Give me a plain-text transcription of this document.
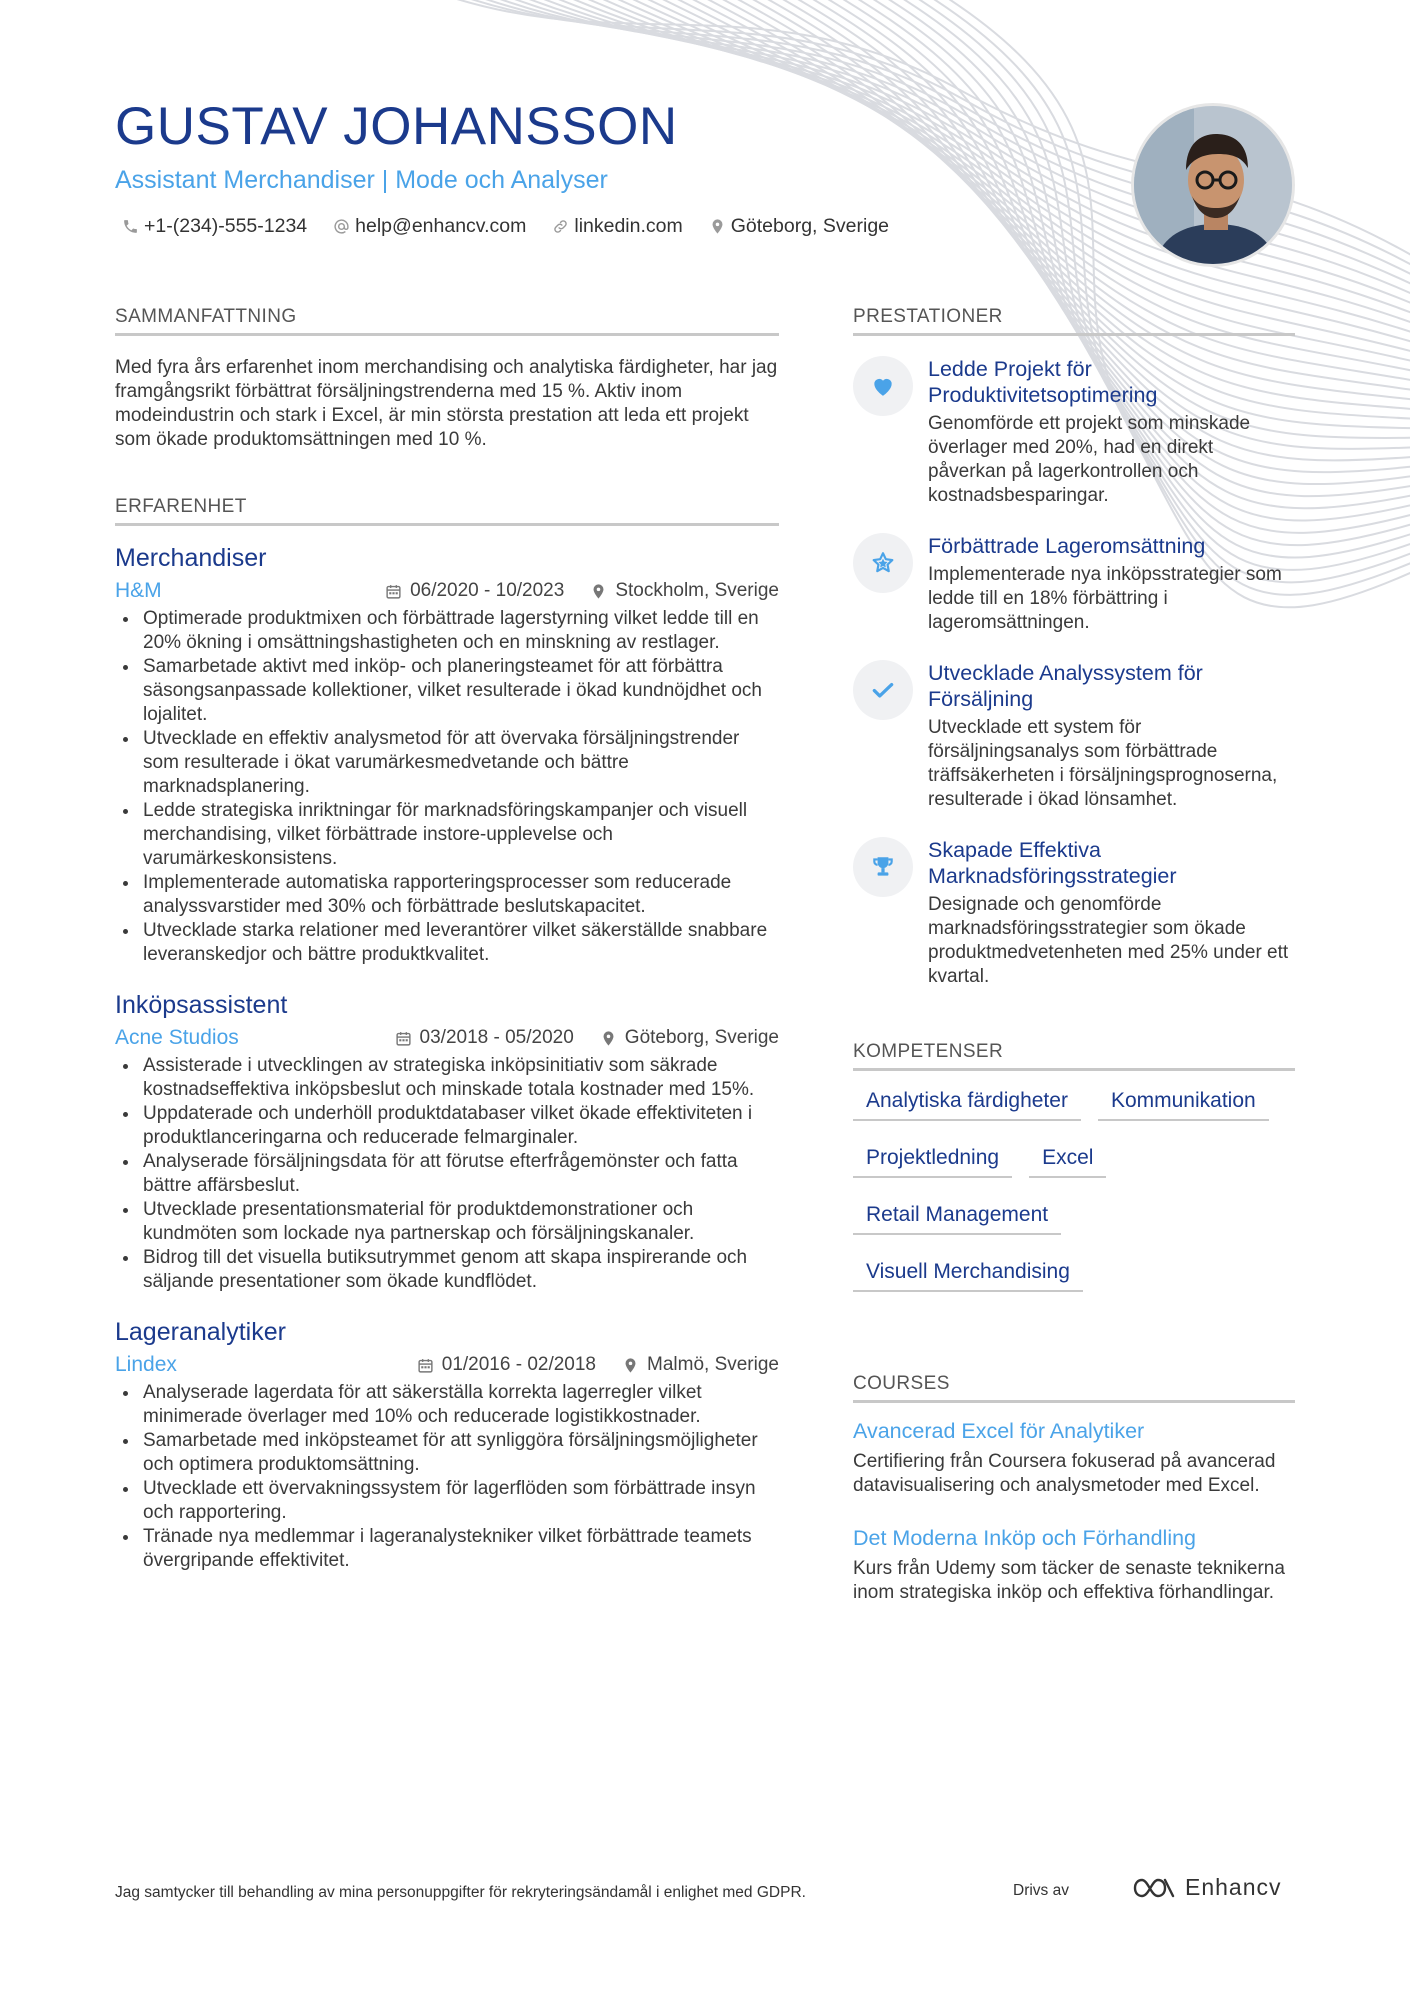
GUSTAV JOHANSSON
Assistant Merchandiser | Mode och Analyser
+1-(234)-555-1234 help@enhancv.com linkedin.com Göteborg, Sverige
SAMMANFATTNING

Med fyra års erfarenhet inom merchandising och analytiska färdigheter, har jag framgångsrikt förbättrat försäljningstrenderna med 15 %. Aktiv inom modeindustrin och stark i Excel, är min största prestation att leda ett projekt som ökade produktomsättningen med 10 %.

ERFARENHET
Merchandiser
H&M	06/2020 - 10/2023	Stockholm, Sverige
Optimerade produktmixen och förbättrade lagerstyrning vilket ledde till en 20% ökning i omsättningshastigheten och en minskning av restlager.
Samarbetade aktivt med inköp- och planeringsteamet för att förbättra säsongsanpassade kollektioner, vilket resulterade i ökad kundnöjdhet och lojalitet.
Utvecklade en effektiv analysmetod för att övervaka försäljningstrender som resulterade i ökat varumärkesmedvetande och bättre marknadsplanering.
Ledde strategiska inriktningar för marknadsföringskampanjer och visuell merchandising, vilket förbättrade instore-upplevelse och varumärkeskonsistens.
Implementerade automatiska rapporteringsprocesser som reducerade analyssvarstider med 30% och förbättrade beslutskapacitet.
Utvecklade starka relationer med leverantörer vilket säkerställde snabbare leveranskedjor och bättre produktkvalitet.
Inköpsassistent
Acne Studios	03/2018 - 05/2020	Göteborg, Sverige
Assisterade i utvecklingen av strategiska inköpsinitiativ som säkrade kostnadseffektiva inköpsbeslut och minskade totala kostnader med 15%.
Uppdaterade och underhöll produktdatabaser vilket ökade effektiviteten i produktlanceringarna och reducerade felmarginaler.
Analyserade försäljningsdata för att förutse efterfrågemönster och fatta bättre affärsbeslut.
Utvecklade presentationsmaterial för produktdemonstrationer och kundmöten som lockade nya partnerskap och försäljningskanaler.
Bidrog till det visuella butiksutrymmet genom att skapa inspirerande och säljande presentationer som ökade kundflödet.
Lageranalytiker
Lindex	01/2016 - 02/2018	Malmö, Sverige
Analyserade lagerdata för att säkerställa korrekta lagerregler vilket minimerade överlager med 10% och reducerade logistikkostnader.
Samarbetade med inköpsteamet för att synliggöra försäljningsmöjligheter och optimera produktomsättning.
Utvecklade ett övervakningssystem för lagerflöden som förbättrade insyn och rapportering.
Tränade nya medlemmar i lageranalystekniker vilket förbättrade teamets övergripande effektivitet.
PRESTATIONER
Ledde Projekt för Produktivitetsoptimering
Genomförde ett projekt som minskade överlager med 20%, had en direkt påverkan på lagerkontrollen och kostnadsbesparingar.
Förbättrade Lageromsättning
Implementerade nya inköpsstrategier som ledde till en 18% förbättring i lageromsättningen.
Utvecklade Analyssystem för Försäljning
Utvecklade ett system för försäljningsanalys som förbättrade träffsäkerheten i försäljningsprognoserna, resulterade i ökad lönsamhet.
Skapade Effektiva Marknadsföringsstrategier
Designade och genomförde marknadsföringsstrategier som ökade produktmedvetenheten med 25% under ett kvartal.
KOMPETENSER
Analytiska färdigheter	Kommunikation
Projektledning	Excel
Retail Management
Visuell Merchandising
COURSES
Avancerad Excel för Analytiker
Certifiering från Coursera fokuserad på avancerad datavisualisering och analysmetoder med Excel.
Det Moderna Inköp och Förhandling
Kurs från Udemy som täcker de senaste teknikerna inom strategiska inköp och effektiva förhandlingar.
Jag samtycker till behandling av mina personuppgifter för rekryteringsändamål i enlighet med GDPR.	Drivs av	Enhancv
